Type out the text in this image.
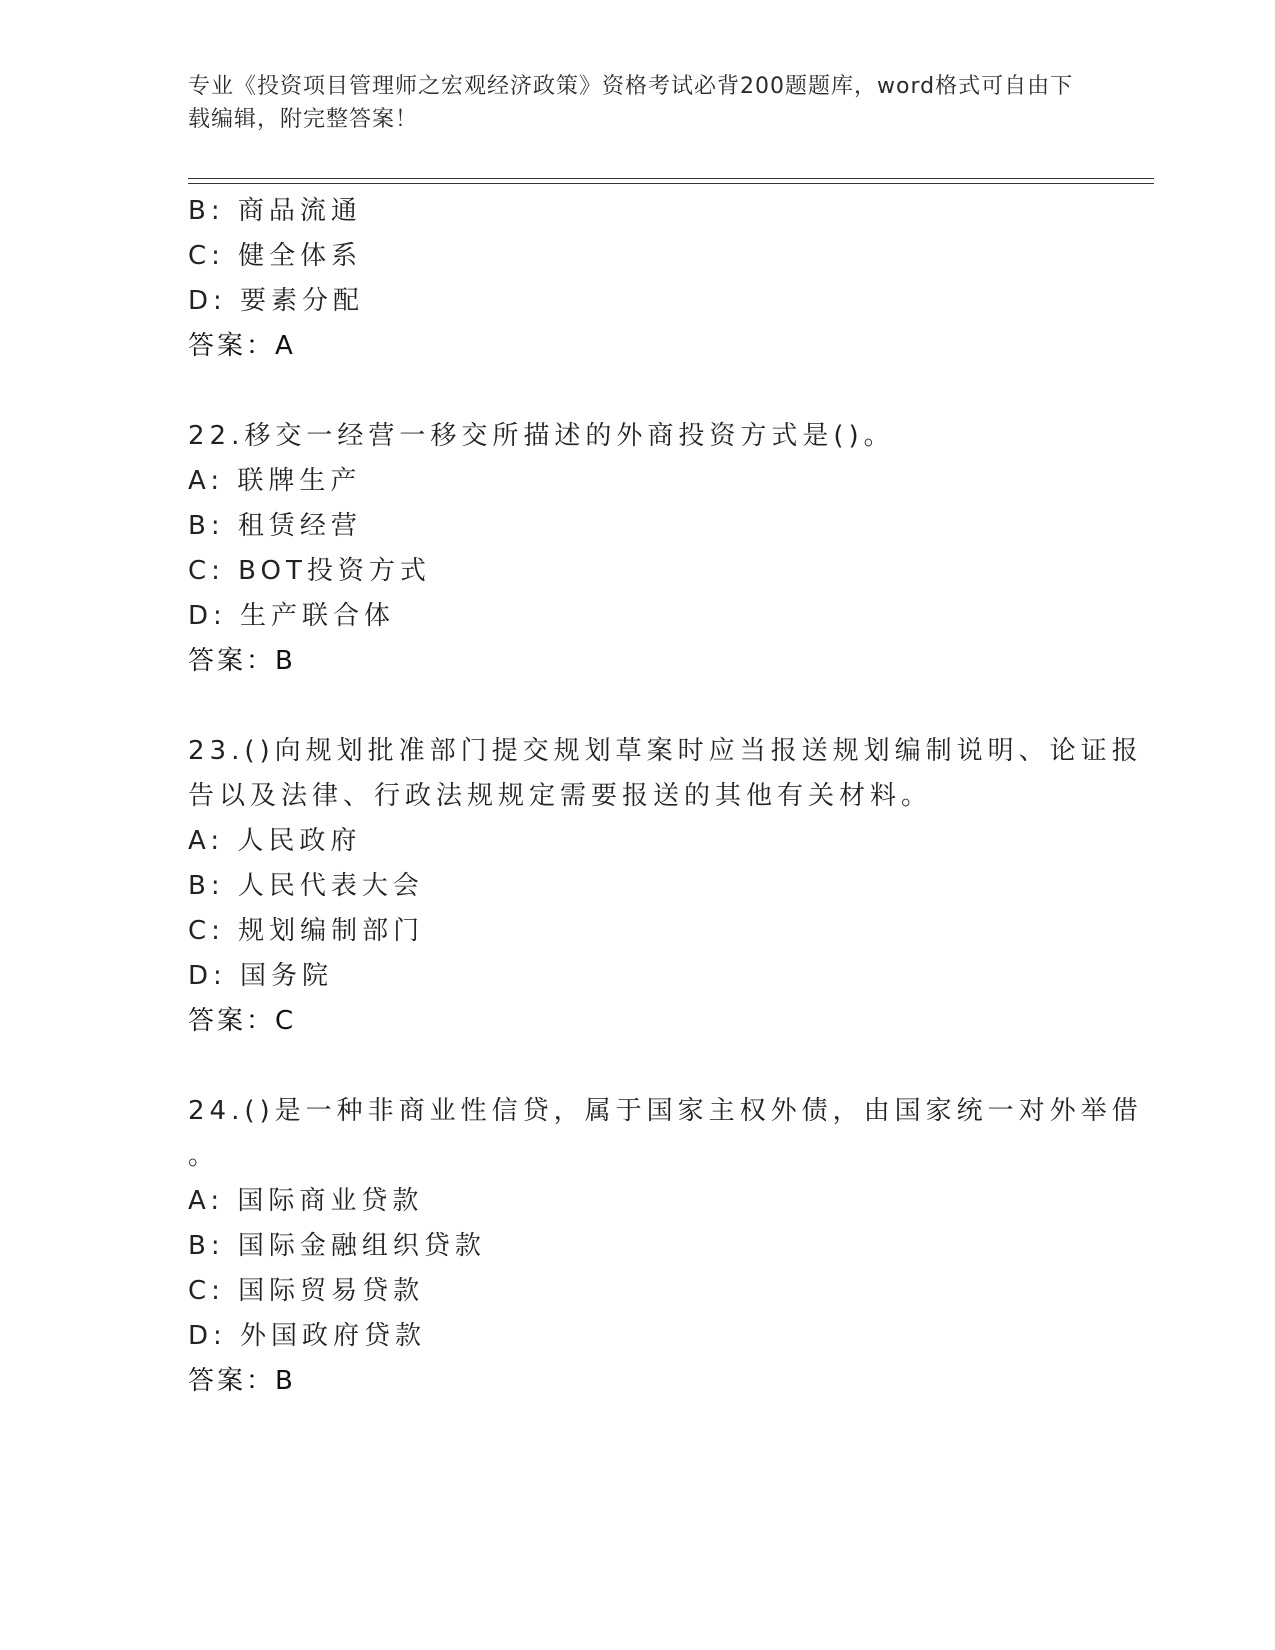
专业《投资项目管理师之宏观经济政策》资格考试必背200题题库，word格式可自由下载编辑，附完整答案！
B: 商品流通
C: 健全体系
D: 要素分配
答案：A
22.移交一经营一移交所描述的外商投资方式是()。
A: 联牌生产
B: 租赁经营
C: BOT投资方式
D: 生产联合体
答案：B
23.()向规划批准部门提交规划草案时应当报送规划编制说明、论证报
告以及法律、行政法规规定需要报送的其他有关材料。
A: 人民政府
B: 人民代表大会
C: 规划编制部门
D: 国务院
答案：C
24.()是一种非商业性信贷，属于国家主权外债，由国家统一对外举借
。
A: 国际商业贷款
B: 国际金融组织贷款
C: 国际贸易贷款
D: 外国政府贷款
答案：B
